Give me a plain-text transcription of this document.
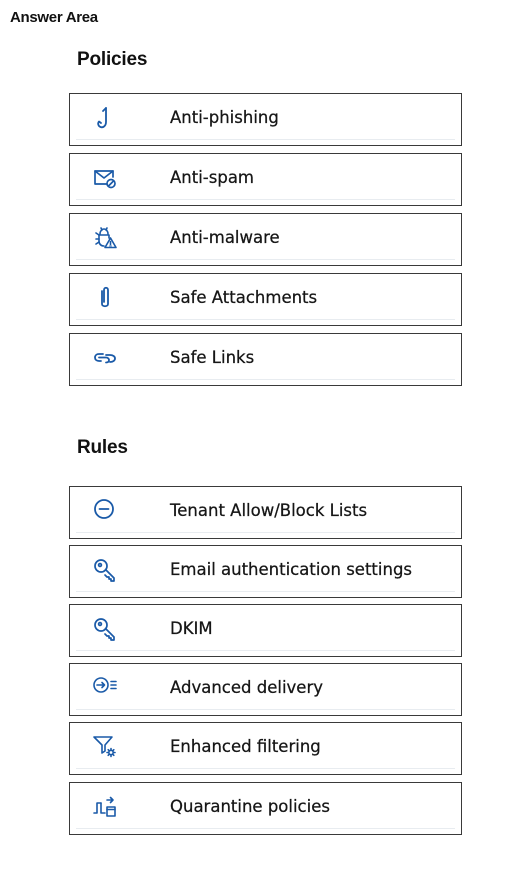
Answer Area
Policies
Anti-phishing
Anti-spam
Anti-malware
Safe Attachments
Safe Links
Rules
Tenant Allow/Block Lists
Email authentication settings
DKIM
Advanced delivery
Enhanced filtering
Quarantine policies
